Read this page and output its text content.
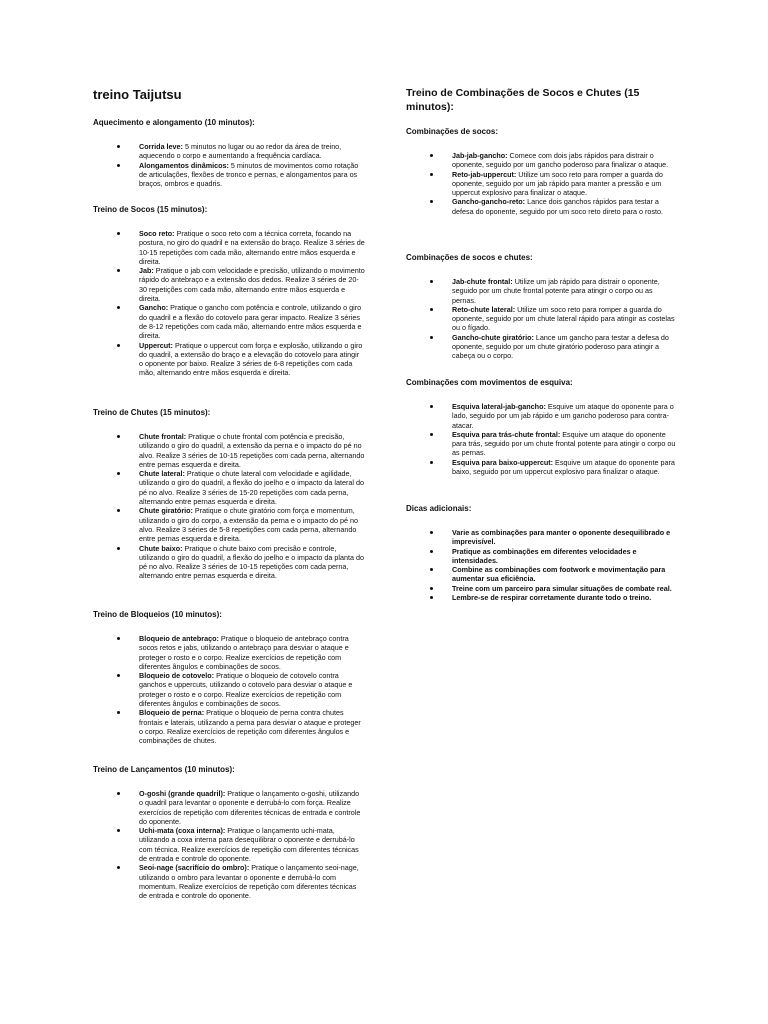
treino Taijutsu
Aquecimento e alongamento (10 minutos):
Corrida leve: 5 minutos no lugar ou ao redor da área de treino, aquecendo o corpo e aumentando a frequência cardíaca.
Alongamentos dinâmicos: 5 minutos de movimentos como rotação de articulações, flexões de tronco e pernas, e alongamentos para os braços, ombros e quadris.
Treino de Socos (15 minutos):
Soco reto: Pratique o soco reto com a técnica correta, focando na postura, no giro do quadril e na extensão do braço. Realize 3 séries de 10-15 repetições com cada mão, alternando entre mãos esquerda e direita.
Jab: Pratique o jab com velocidade e precisão, utilizando o movimento rápido do antebraço e a extensão dos dedos. Realize 3 séries de 20-30 repetições com cada mão, alternando entre mãos esquerda e direita.
Gancho: Pratique o gancho com potência e controle, utilizando o giro do quadril e a flexão do cotovelo para gerar impacto. Realize 3 séries de 8-12 repetições com cada mão, alternando entre mãos esquerda e direita.
Uppercut: Pratique o uppercut com força e explosão, utilizando o giro do quadril, a extensão do braço e a elevação do cotovelo para atingir o oponente por baixo. Realize 3 séries de 6-8 repetições com cada mão, alternando entre mãos esquerda e direita.
Treino de Chutes (15 minutos):
Chute frontal: Pratique o chute frontal com potência e precisão, utilizando o giro do quadril, a extensão da perna e o impacto do pé no alvo. Realize 3 séries de 10-15 repetições com cada perna, alternando entre pernas esquerda e direita.
Chute lateral: Pratique o chute lateral com velocidade e agilidade, utilizando o giro do quadril, a flexão do joelho e o impacto da lateral do pé no alvo. Realize 3 séries de 15-20 repetições com cada perna, alternando entre pernas esquerda e direita.
Chute giratório: Pratique o chute giratório com força e momentum, utilizando o giro do corpo, a extensão da perna e o impacto do pé no alvo. Realize 3 séries de 5-8 repetições com cada perna, alternando entre pernas esquerda e direita.
Chute baixo: Pratique o chute baixo com precisão e controle, utilizando o giro do quadril, a flexão do joelho e o impacto da planta do pé no alvo. Realize 3 séries de 10-15 repetições com cada perna, alternando entre pernas esquerda e direita.
Treino de Bloqueios (10 minutos):
Bloqueio de antebraço: Pratique o bloqueio de antebraço contra socos retos e jabs, utilizando o antebraço para desviar o ataque e proteger o rosto e o corpo. Realize exercícios de repetição com diferentes ângulos e combinações de socos.
Bloqueio de cotovelo: Pratique o bloqueio de cotovelo contra ganchos e uppercuts, utilizando o cotovelo para desviar o ataque e proteger o rosto e o corpo. Realize exercícios de repetição com diferentes ângulos e combinações de socos.
Bloqueio de perna: Pratique o bloqueio de perna contra chutes frontais e laterais, utilizando a perna para desviar o ataque e proteger o corpo. Realize exercícios de repetição com diferentes ângulos e combinações de chutes.
Treino de Lançamentos (10 minutos):
O-goshi (grande quadril): Pratique o lançamento o-goshi, utilizando o quadril para levantar o oponente e derrubá-lo com força. Realize exercícios de repetição com diferentes técnicas de entrada e controle do oponente.
Uchi-mata (coxa interna): Pratique o lançamento uchi-mata, utilizando a coxa interna para desequilibrar o oponente e derrubá-lo com técnica. Realize exercícios de repetição com diferentes técnicas de entrada e controle do oponente.
Seoi-nage (sacrifício do ombro): Pratique o lançamento seoi-nage, utilizando o ombro para levantar o oponente e derrubá-lo com momentum. Realize exercícios de repetição com diferentes técnicas de entrada e controle do oponente.
Treino de Combinações de Socos e Chutes (15 minutos):
Combinações de socos:
Jab-jab-gancho: Comece com dois jabs rápidos para distrair o oponente, seguido por um gancho poderoso para finalizar o ataque.
Reto-jab-uppercut: Utilize um soco reto para romper a guarda do oponente, seguido por um jab rápido para manter a pressão e um uppercut explosivo para finalizar o ataque.
Gancho-gancho-reto: Lance dois ganchos rápidos para testar a defesa do oponente, seguido por um soco reto direto para o rosto.
Combinações de socos e chutes:
Jab-chute frontal: Utilize um jab rápido para distrair o oponente, seguido por um chute frontal potente para atingir o corpo ou as pernas.
Reto-chute lateral: Utilize um soco reto para romper a guarda do oponente, seguido por um chute lateral rápido para atingir as costelas ou o fígado.
Gancho-chute giratório: Lance um gancho para testar a defesa do oponente, seguido por um chute giratório poderoso para atingir a cabeça ou o corpo.
Combinações com movimentos de esquiva:
Esquiva lateral-jab-gancho: Esquive um ataque do oponente para o lado, seguido por um jab rápido e um gancho poderoso para contra-atacar.
Esquiva para trás-chute frontal: Esquive um ataque do oponente para trás, seguido por um chute frontal potente para atingir o corpo ou as pernas.
Esquiva para baixo-uppercut: Esquive um ataque do oponente para baixo, seguido por um uppercut explosivo para finalizar o ataque.
Dicas adicionais:
Varie as combinações para manter o oponente desequilibrado e imprevisível.
Pratique as combinações em diferentes velocidades e intensidades.
Combine as combinações com footwork e movimentação para aumentar sua eficiência.
Treine com um parceiro para simular situações de combate real.
Lembre-se de respirar corretamente durante todo o treino.
